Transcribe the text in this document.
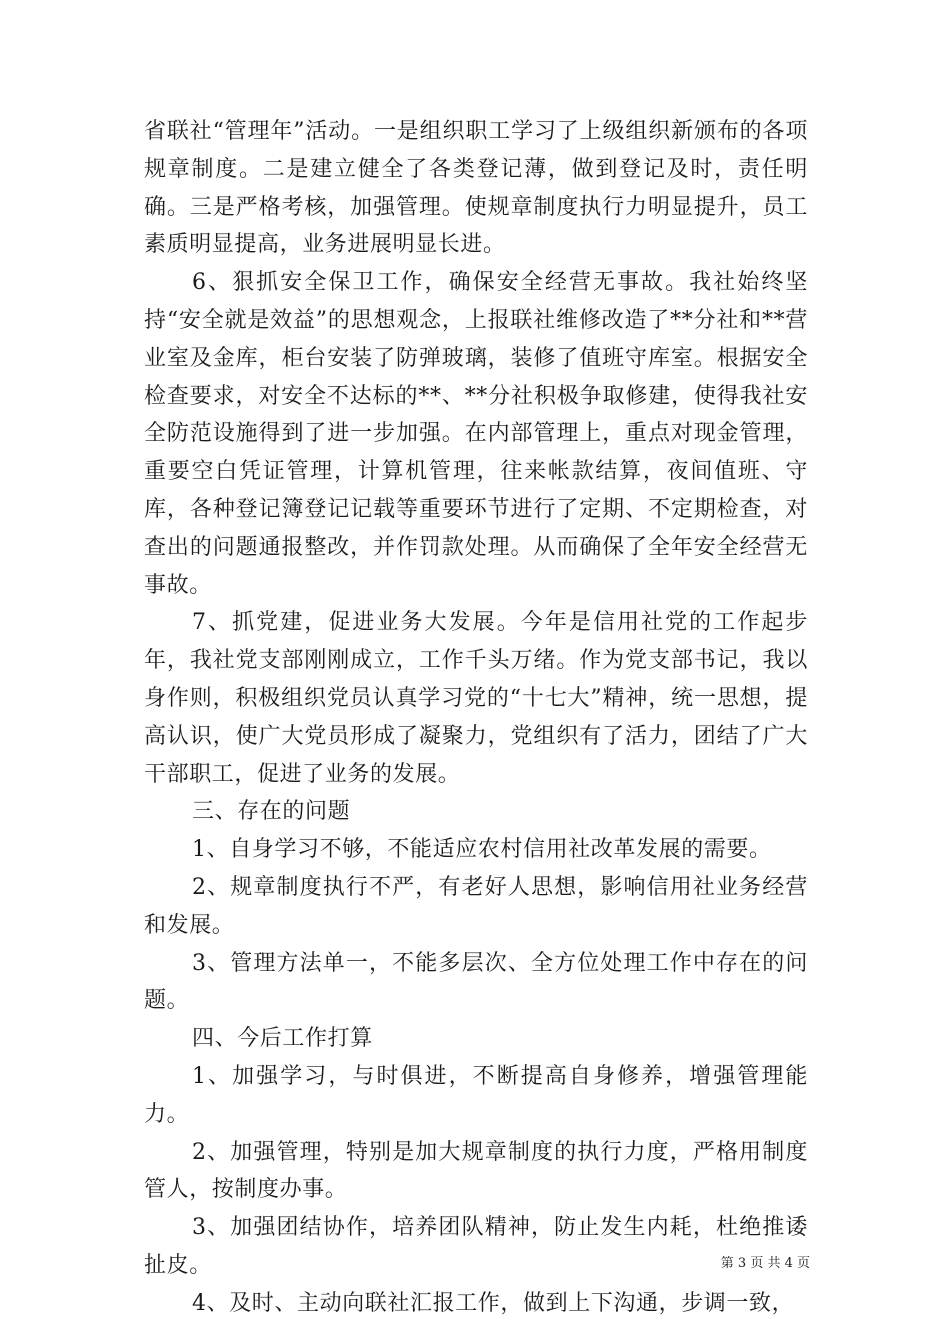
省联社“管理年”活动。一是组织职工学习了上级组织新颁布的各项规章制度。二是建立健全了各类登记薄，做到登记及时，责任明确。三是严格考核，加强管理。使规章制度执行力明显提升，员工素质明显提高，业务进展明显长进。

6、狠抓安全保卫工作，确保安全经营无事故。我社始终坚持“安全就是效益”的思想观念，上报联社维修改造了**分社和**营业室及金库，柜台安装了防弹玻璃，装修了值班守库室。根据安全检查要求，对安全不达标的**、**分社积极争取修建，使得我社安全防范设施得到了进一步加强。在内部管理上，重点对现金管理，重要空白凭证管理，计算机管理，往来帐款结算，夜间值班、守库，各种登记簿登记记载等重要环节进行了定期、不定期检查，对查出的问题通报整改，并作罚款处理。从而确保了全年安全经营无事故。

7、抓党建，促进业务大发展。今年是信用社党的工作起步年，我社党支部刚刚成立，工作千头万绪。作为党支部书记，我以身作则，积极组织党员认真学习党的“十七大”精神，统一思想，提高认识，使广大党员形成了凝聚力，党组织有了活力，团结了广大干部职工，促进了业务的发展。

三、存在的问题

1、自身学习不够，不能适应农村信用社改革发展的需要。

2、规章制度执行不严，有老好人思想，影响信用社业务经营和发展。

3、管理方法单一，不能多层次、全方位处理工作中存在的问题。

四、今后工作打算

1、加强学习，与时俱进，不断提高自身修养，增强管理能力。

2、加强管理，特别是加大规章制度的执行力度，严格用制度管人，按制度办事。

3、加强团结协作，培养团队精神，防止发生内耗，杜绝推诿扯皮。

4、及时、主动向联社汇报工作，做到上下沟通，步调一致，

第 3 页 共 4 页
